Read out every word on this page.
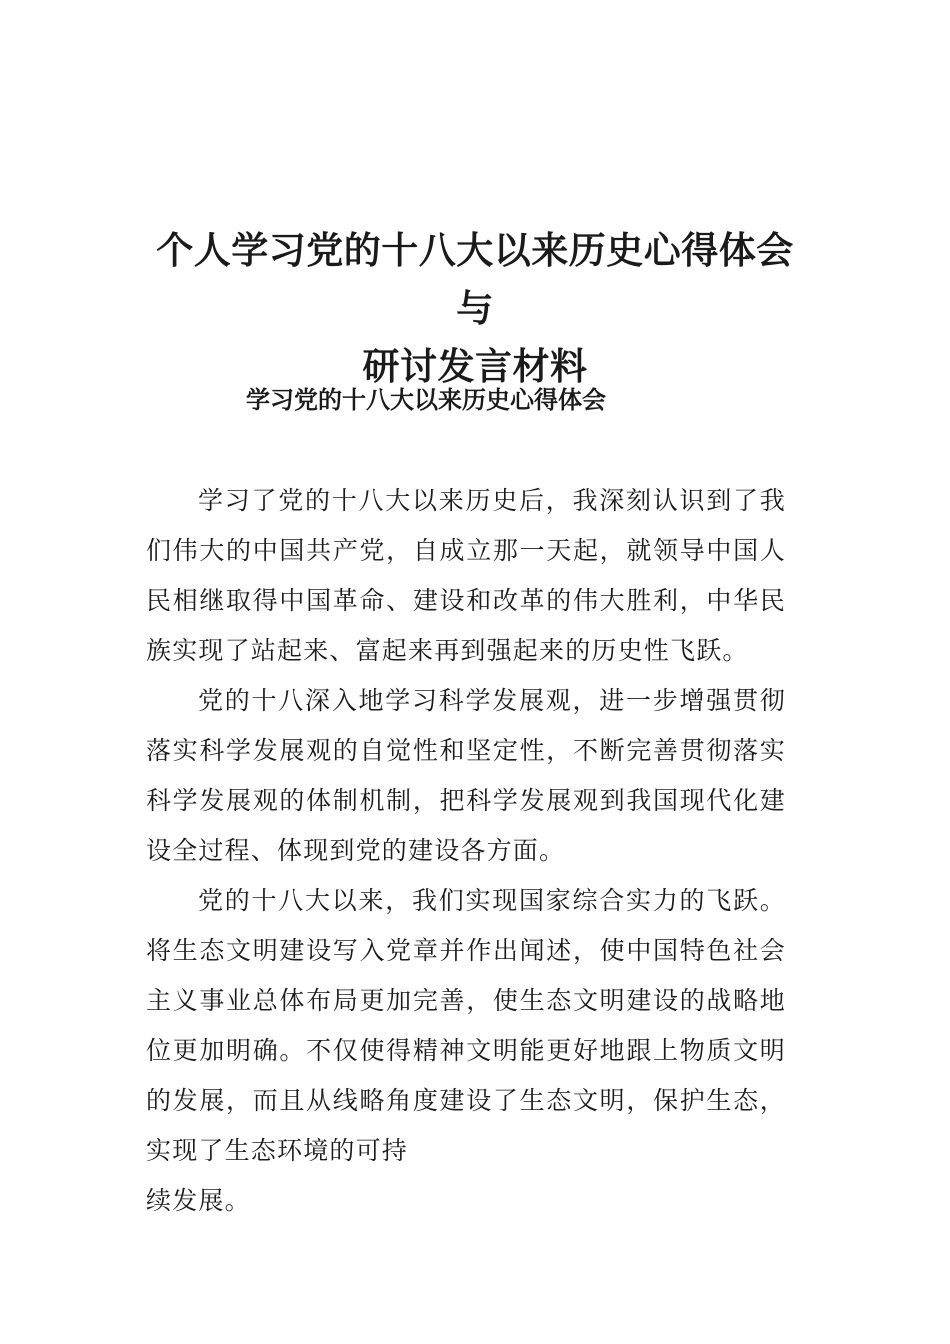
个人学习党的十八大以来历史心得体会与
研讨发言材料
学习党的十八大以来历史心得体会

学习了党的十八大以来历史后，我深刻认识到了我们伟大的中国共产党，自成立那一天起，就领导中国人民相继取得中国革命、建设和改革的伟大胜利，中华民族实现了站起来、富起来再到强起来的历史性飞跃。

党的十八深入地学习科学发展观，进一步增强贯彻落实科学发展观的自觉性和坚定性，不断完善贯彻落实科学发展观的体制机制，把科学发展观到我国现代化建设全过程、体现到党的建设各方面。

党的十八大以来，我们实现国家综合实力的飞跃。将生态文明建设写入党章并作出闻述，使中国特色社会主义事业总体布局更加完善，使生态文明建设的战略地位更加明确。不仅使得精神文明能更好地跟上物质文明的发展，而且从线略角度建设了生态文明，保护生态，实现了生态环境的可持

续发展。
